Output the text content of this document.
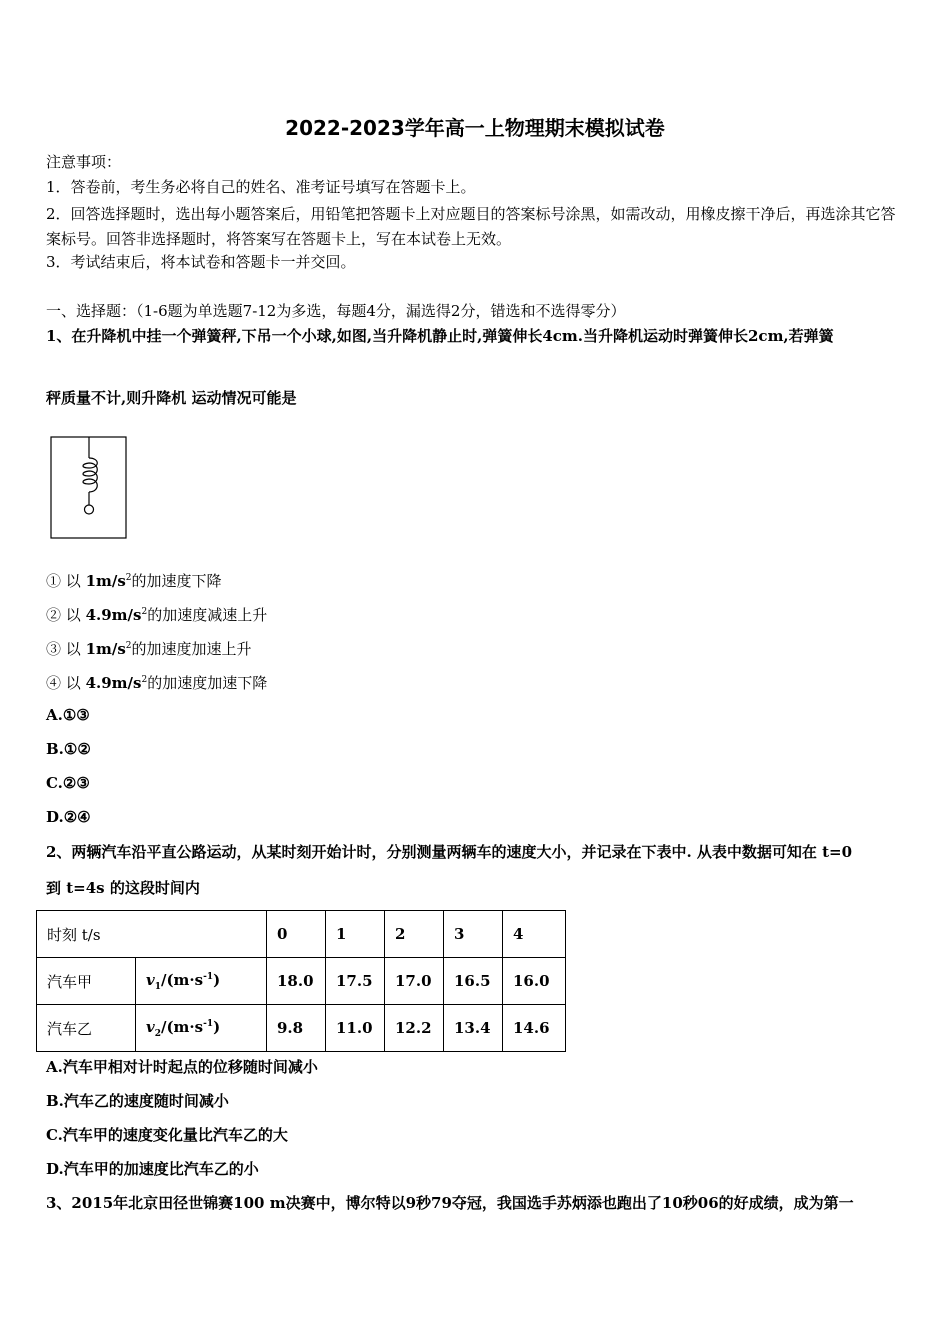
2022-2023学年高一上物理期末模拟试卷
注意事项：
1．答卷前，考生务必将自己的姓名、准考证号填写在答题卡上。
2．回答选择题时，选出每小题答案后，用铅笔把答题卡上对应题目的答案标号涂黑，如需改动，用橡皮擦干净后，再选涂其它答案标号。回答非选择题时，将答案写在答题卡上，写在本试卷上无效。
3．考试结束后，将本试卷和答题卡一并交回。
一、选择题：（1-6题为单选题7-12为多选，每题4分，漏选得2分，错选和不选得零分）
1、在升降机中挂一个弹簧秤,下吊一个小球,如图,当升降机静止时,弹簧伸长4cm.当升降机运动时弹簧伸长2cm,若弹簧
秤质量不计,则升降机 运动情况可能是
① 以 $1m/s^2$的加速度下降
② 以 $4.9m/s^2$的加速度减速上升
③ 以 $1m/s^2$的加速度加速上升
④ 以 $4.9m/s^2$的加速度加速下降
A.①③
B.①②
C.②③
D.②④
2、两辆汽车沿平直公路运动，从某时刻开始计时，分别测量两辆车的速度大小，并记录在下表中. 从表中数据可知在 t=0
到 t=4s 的这段时间内
时刻 t/s		0	1	2	3	4
汽车甲	$v_1/(m\cdot s^{-1})$	18.0	17.5	17.0	16.5	16.0
汽车乙	$v_2/(m\cdot s^{-1})$	9.8	11.0	12.2	13.4	14.6
A.汽车甲相对计时起点的位移随时间减小
B.汽车乙的速度随时间减小
C.汽车甲的速度变化量比汽车乙的大
D.汽车甲的加速度比汽车乙的小
3、2015年北京田径世锦赛100 m决赛中，博尔特以9秒79夺冠，我国选手苏炳添也跑出了10秒06的好成绩，成为第一
